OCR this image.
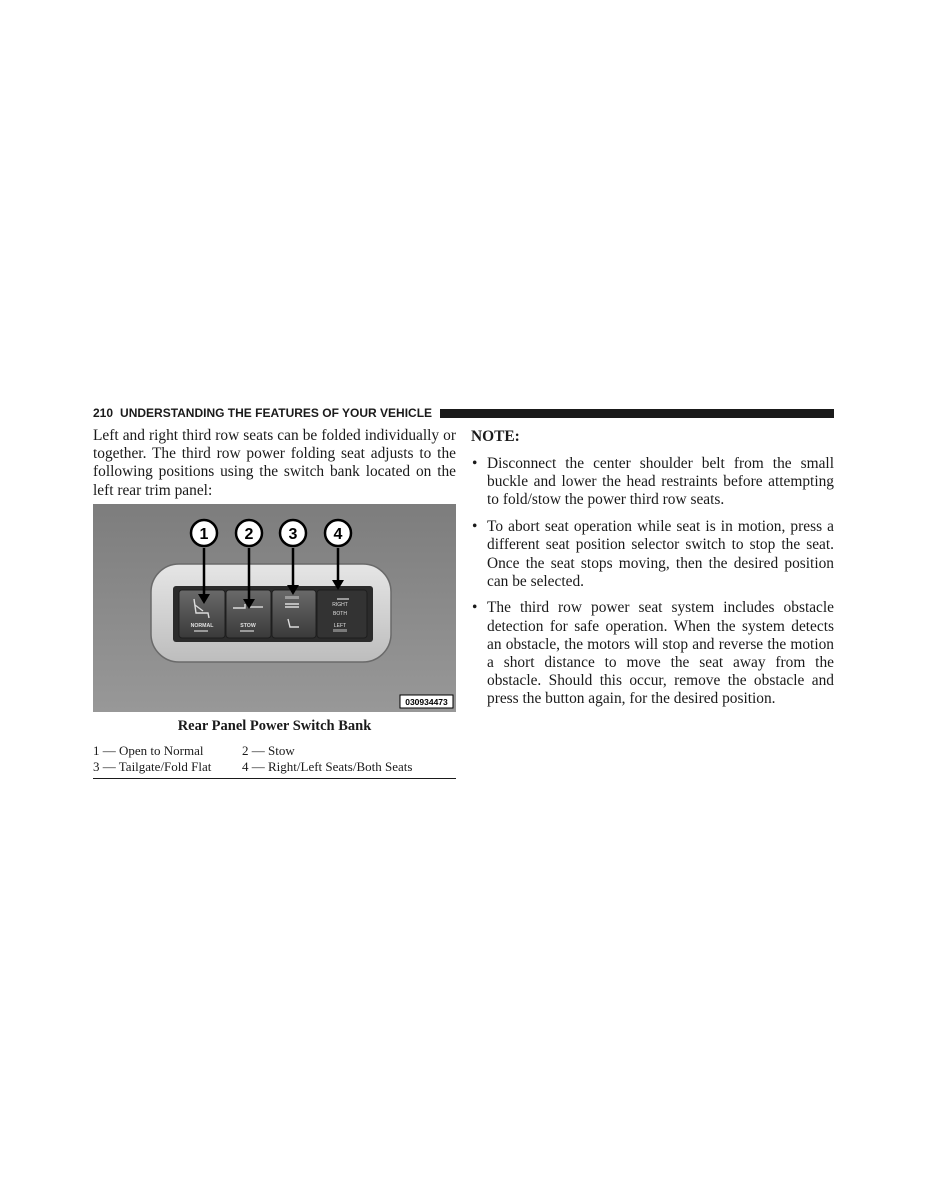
210 UNDERSTANDING THE FEATURES OF YOUR VEHICLE

Left and right third row seats can be folded individually or together. The third row power folding seat adjusts to the following positions using the switch bank located on the left rear trim panel:

NORMAL	STOW
RIGHT
BOTH
LEFT
1 2 3 4
030934473

Rear Panel Power Switch Bank

1 — Open to Normal	2 — Stow
3 — Tailgate/Fold Flat	4 — Right/Left Seats/Both Seats

NOTE:

• Disconnect the center shoulder belt from the small buckle and lower the head restraints before attempting to fold/stow the power third row seats.
• To abort seat operation while seat is in motion, press a different seat position selector switch to stop the seat. Once the seat stops moving, then the desired position can be selected.
• The third row power seat system includes obstacle detection for safe operation. When the system detects an obstacle, the motors will stop and reverse the motion a short distance to move the seat away from the obstacle. Should this occur, remove the obstacle and press the button again, for the desired position.
